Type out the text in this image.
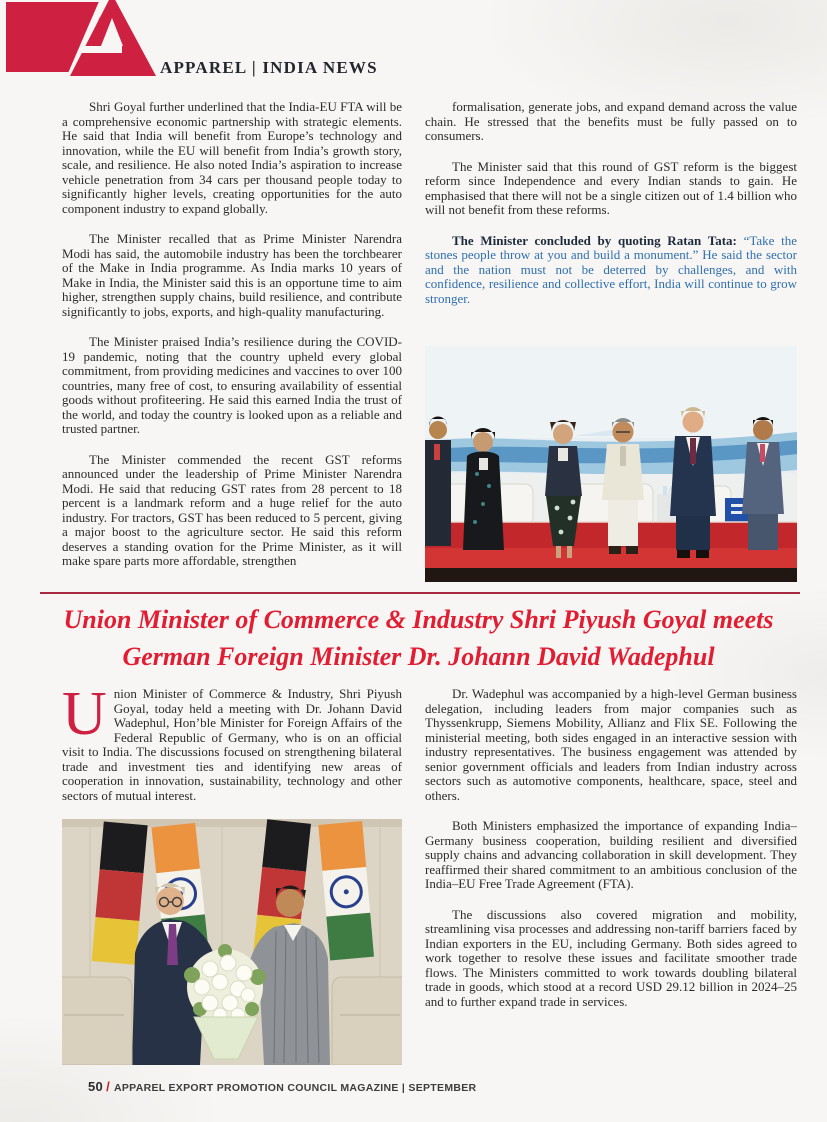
APPAREL | INDIA NEWS

Shri Goyal further underlined that the India-EU FTA will be a comprehensive economic partnership with strategic elements. He said that India will benefit from Europe’s technology and innovation, while the EU will benefit from India’s growth story, scale, and resilience. He also noted India’s aspiration to increase vehicle penetration from 34 cars per thousand people today to significantly higher levels, creating opportunities for the auto component industry to expand globally.

The Minister recalled that as Prime Minister Narendra Modi has said, the automobile industry has been the torchbearer of the Make in India programme. As India marks 10 years of Make in India, the Minister said this is an opportune time to aim higher, strengthen supply chains, build resilience, and contribute significantly to jobs, exports, and high-quality manufacturing.

The Minister praised India’s resilience during the COVID-19 pandemic, noting that the country upheld every global commitment, from providing medicines and vaccines to over 100 countries, many free of cost, to ensuring availability of essential goods without profiteering. He said this earned India the trust of the world, and today the country is looked upon as a reliable and trusted partner.

The Minister commended the recent GST reforms announced under the leadership of Prime Minister Narendra Modi. He said that reducing GST rates from 28 percent to 18 percent is a landmark reform and a huge relief for the auto industry. For tractors, GST has been reduced to 5 percent, giving a major boost to the agriculture sector. He said this reform deserves a standing ovation for the Prime Minister, as it will make spare parts more affordable, strengthen

formalisation, generate jobs, and expand demand across the value chain. He stressed that the benefits must be fully passed on to consumers.

The Minister said that this round of GST reform is the biggest reform since Independence and every Indian stands to gain. He emphasised that there will not be a single citizen out of 1.4 billion who will not benefit from these reforms.

The Minister concluded by quoting Ratan Tata: “Take the stones people throw at you and build a monument.” He said the sector and the nation must not be deterred by challenges, and with confidence, resilience and collective effort, India will continue to grow stronger.

Union Minister of Commerce & Industry Shri Piyush Goyal meets
German Foreign Minister Dr. Johann David Wadephul

Union Minister of Commerce & Industry, Shri Piyush Goyal, today held a meeting with Dr. Johann David Wadephul, Hon’ble Minister for Foreign Affairs of the Federal Republic of Germany, who is on an official visit to India. The discussions focused on strengthening bilateral trade and investment ties and identifying new areas of cooperation in innovation, sustainability, technology and other sectors of mutual interest.

Dr. Wadephul was accompanied by a high-level German business delegation, including leaders from major companies such as Thyssenkrupp, Siemens Mobility, Allianz and Flix SE. Following the ministerial meeting, both sides engaged in an interactive session with industry representatives. The business engagement was attended by senior government officials and leaders from Indian industry across sectors such as automotive components, healthcare, space, steel and others.

Both Ministers emphasized the importance of expanding India–Germany business cooperation, building resilient and diversified supply chains and advancing collaboration in skill development. They reaffirmed their shared commitment to an ambitious conclusion of the India–EU Free Trade Agreement (FTA).

The discussions also covered migration and mobility, streamlining visa processes and addressing non-tariff barriers faced by Indian exporters in the EU, including Germany. Both sides agreed to work together to resolve these issues and facilitate smoother trade flows. The Ministers committed to work towards doubling bilateral trade in goods, which stood at a record USD 29.12 billion in 2024–25 and to further expand trade in services.

50 / APPAREL EXPORT PROMOTION COUNCIL MAGAZINE | SEPTEMBER
